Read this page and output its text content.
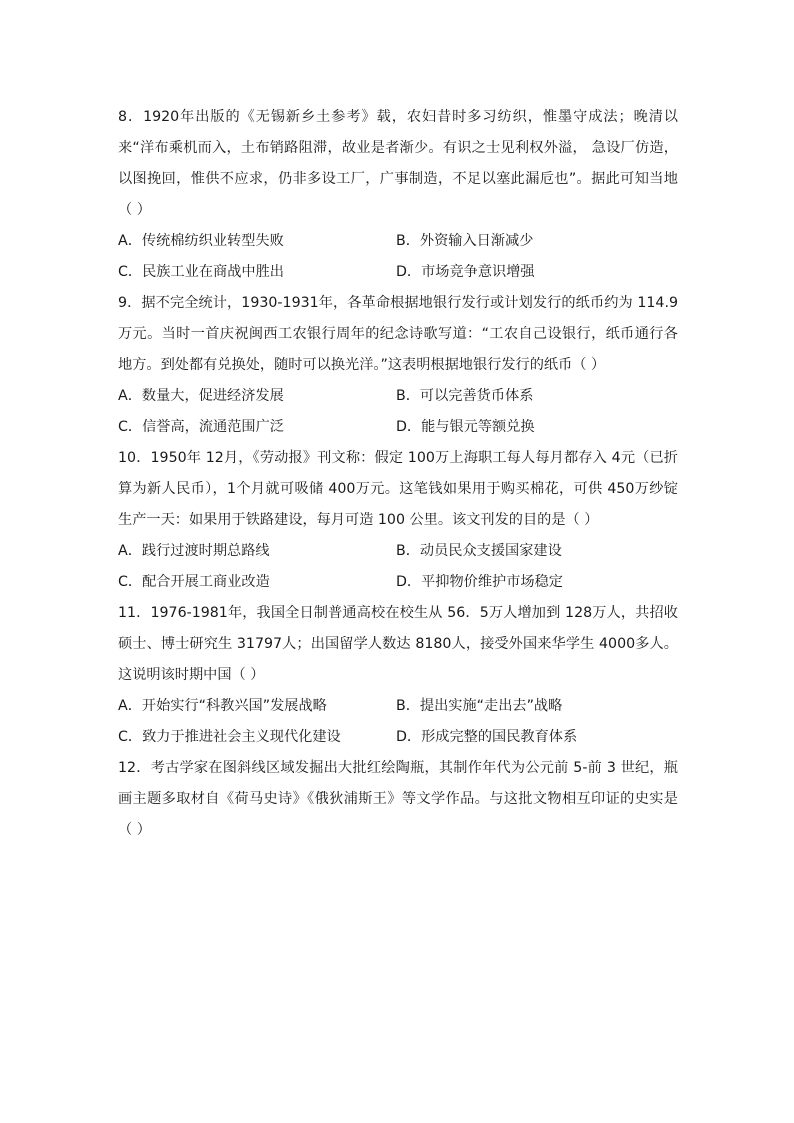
8．1920年出版的《无锡新乡土参考》载，农妇昔时多习纺织，惟墨守成法；晚清以来“洋布乘机而入，土布销路阻滞，故业是者渐少。有识之士见利权外溢， 急设厂仿造，以图挽回，惟供不应求，仍非多设工厂，广事制造，不足以塞此漏卮也”。据此可知当地（ ）

A．传统棉纺织业转型失败	B．外资输入日渐减少
C．民族工业在商战中胜出	D．市场竞争意识增强

9．据不完全统计，1930-1931年，各革命根据地银行发行或计划发行的纸币约为 114.9万元。当时一首庆祝闽西工农银行周年的纪念诗歌写道：“工农自己设银行，纸币通行各地方。到处都有兑换处，随时可以换光洋。”这表明根据地银行发行的纸币（ ）

A．数量大，促进经济发展	B．可以完善货币体系
C．信誉高，流通范围广泛	D．能与银元等额兑换

10．1950年 12月，《劳动报》刊文称：假定 100万上海职工每人每月都存入 4元（已折算为新人民币），1个月就可吸储 400万元。这笔钱如果用于购买棉花，可供 450万纱锭生产一天：如果用于铁路建设，每月可造 100 公里。该文刊发的目的是（ ）

A．践行过渡时期总路线	B．动员民众支援国家建设
C．配合开展工商业改造	D．平抑物价维护市场稳定

11．1976-1981年，我国全日制普通高校在校生从 56．5万人增加到 128万人，共招收硕士、博士研究生 31797人；出国留学人数达 8180人，接受外国来华学生 4000多人。这说明该时期中国（ ）

A．开始实行“科教兴国”发展战略	B．提出实施“走出去”战略
C．致力于推进社会主义现代化建设	D．形成完整的国民教育体系

12．考古学家在图斜线区域发掘出大批红绘陶瓶，其制作年代为公元前 5-前 3 世纪，瓶画主题多取材自《荷马史诗》《俄狄浦斯王》等文学作品。与这批文物相互印证的史实是（ ）
